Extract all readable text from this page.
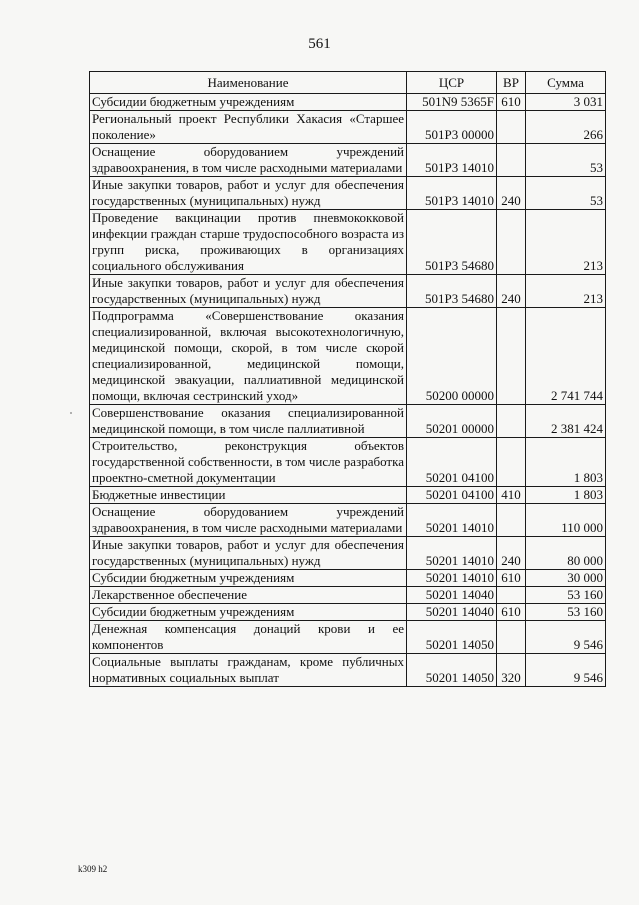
561
Наименование	ЦСР	ВР	Сумма
Субсидии бюджетным учреждениям	501N9 5365F	610	3 031
Региональный проект Республики Хакасия «Старшее поколение»	501P3 00000		266
Оснащение оборудованием учреждений здравоохранения, в том числе расходными материалами	501P3 14010		53
Иные закупки товаров, работ и услуг для обеспечения государственных (муниципальных) нужд	501P3 14010	240	53
Проведение вакцинации против пневмококковой инфекции граждан старше трудоспособного возраста из групп риска, проживающих в организациях социального обслуживания	501P3 54680		213
Иные закупки товаров, работ и услуг для обеспечения государственных (муниципальных) нужд	501P3 54680	240	213
Подпрограмма «Совершенствование оказания специализированной, включая высокотехнологичную, медицинской помощи, скорой, в том числе скорой специализированной, медицинской помощи, медицинской эвакуации, паллиативной медицинской помощи, включая сестринский уход»	50200 00000		2 741 744
Совершенствование оказания специализированной медицинской помощи, в том числе паллиативной	50201 00000		2 381 424
Строительство, реконструкция объектов государственной собственности, в том числе разработка проектно-сметной документации	50201 04100		1 803
Бюджетные инвестиции	50201 04100	410	1 803
Оснащение оборудованием учреждений здравоохранения, в том числе расходными материалами	50201 14010		110 000
Иные закупки товаров, работ и услуг для обеспечения государственных (муниципальных) нужд	50201 14010	240	80 000
Субсидии бюджетным учреждениям	50201 14010	610	30 000
Лекарственное обеспечение	50201 14040		53 160
Субсидии бюджетным учреждениям	50201 14040	610	53 160
Денежная компенсация донаций крови и ее компонентов	50201 14050		9 546
Социальные выплаты гражданам, кроме публичных нормативных социальных выплат	50201 14050	320	9 546
k309 h2
